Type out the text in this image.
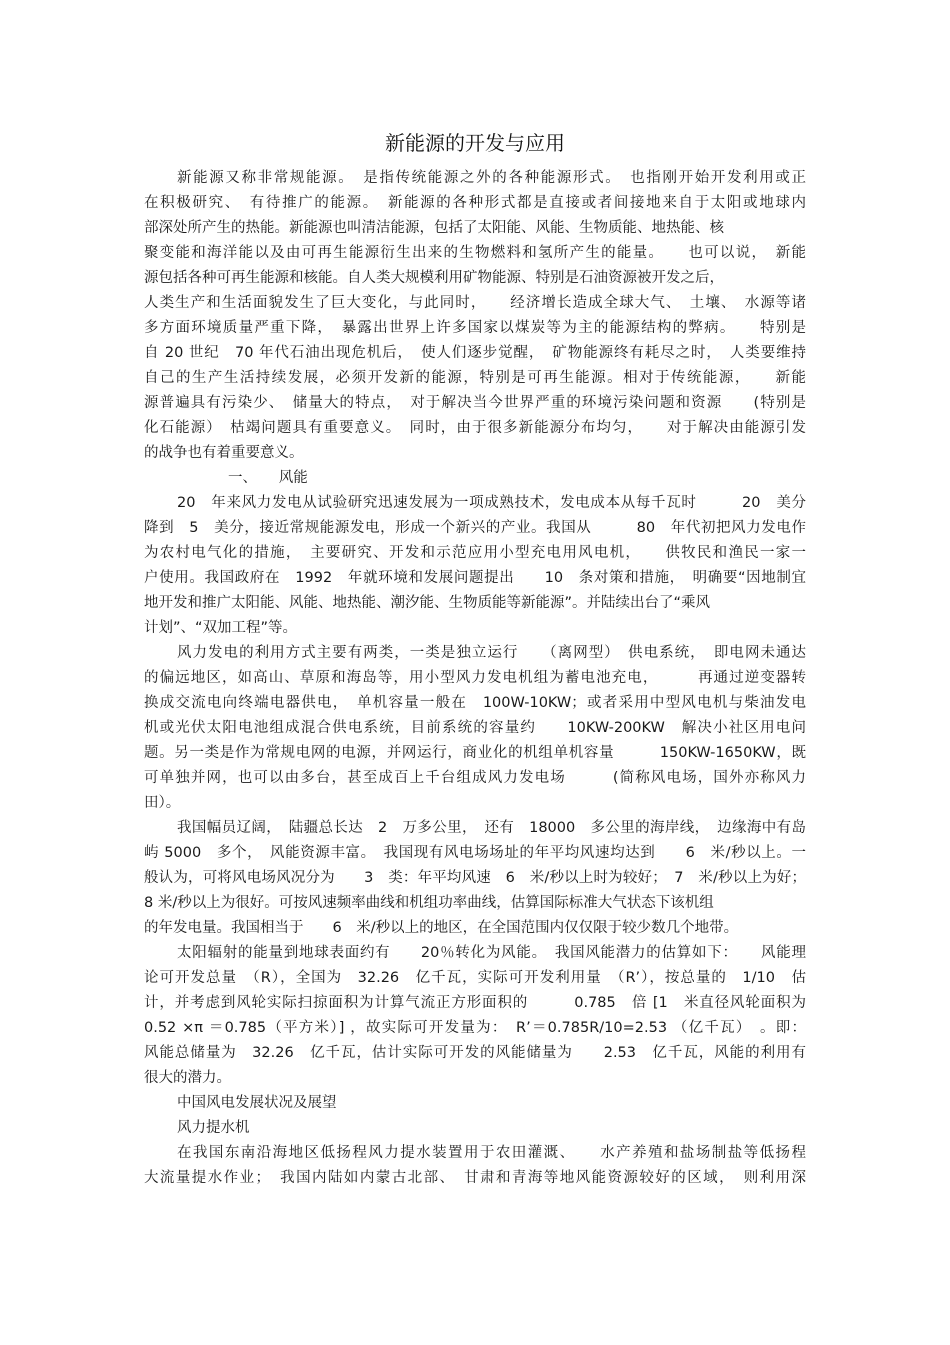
新能源的开发与应用
新能源又称非常规能源。　是指传统能源之外的各种能源形式。　也指刚开始开发利用或正
在积极研究、　有待推广的能源。　新能源的各种形式都是直接或者间接地来自于太阳或地球内
部深处所产生的热能。新能源也叫清洁能源，包括了太阳能、风能、生物质能、地热能、核
聚变能和海洋能以及由可再生能源衍生出来的生物燃料和氢所产生的能量。　　也可以说，　新能
源包括各种可再生能源和核能。自人类大规模利用矿物能源、特别是石油资源被开发之后，
人类生产和生活面貌发生了巨大变化，与此同时，　　经济增长造成全球大气、　土壤、　水源等诸
多方面环境质量严重下降，　暴露出世界上许多国家以煤炭等为主的能源结构的弊病。　　特别是
自 20 世纪　70 年代石油出现危机后，　使人们逐步觉醒，　矿物能源终有耗尽之时，　人类要维持
自己的生产生活持续发展，必须开发新的能源，特别是可再生能源。相对于传统能源，　　新能
源普遍具有污染少、　储量大的特点，　对于解决当今世界严重的环境污染问题和资源　　(特别是
化石能源）　枯竭问题具有重要意义。　同时，由于很多新能源分布均匀，　　对于解决由能源引发
的战争也有着重要意义。
一、　　风能
20　年来风力发电从试验研究迅速发展为一项成熟技术，发电成本从每千瓦时　　　20　美分
降到　5　美分，接近常规能源发电，形成一个新兴的产业。我国从　　　80　年代初把风力发电作
为农村电气化的措施，　主要研究、开发和示范应用小型充电用风电机，　　供牧民和渔民一家一
户使用。我国政府在　1992　年就环境和发展问题提出　　10　条对策和措施，　明确要“因地制宜
地开发和推广太阳能、风能、地热能、潮汐能、生物质能等新能源”。并陆续出台了“乘风
计划”、“双加工程”等。
风力发电的利用方式主要有两类，一类是独立运行　　（离网型）　供电系统，　即电网未通达
的偏远地区，如高山、草原和海岛等，用小型风力发电机组为蓄电池充电，　　　再通过逆变器转
换成交流电向终端电器供电，　单机容量一般在　100W-10KW；或者采用中型风电机与柴油发电
机或光伏太阳电池组成混合供电系统，目前系统的容量约　　10KW-200KW　解决小社区用电问
题。另一类是作为常规电网的电源，并网运行，商业化的机组单机容量　　　150KW-1650KW，既
可单独并网，也可以由多台，甚至成百上千台组成风力发电场　　　(简称风电场，国外亦称风力
田）。
我国幅员辽阔，　陆疆总长达　2　万多公里，　还有　18000　多公里的海岸线，　边缘海中有岛
屿 5000　多个，　风能资源丰富。　我国现有风电场场址的年平均风速均达到　　6　米/秒以上。一
般认为，可将风电场风况分为　　3　类：年平均风速　6　米/秒以上时为较好；　7　米/秒以上为好；
8 米/秒以上为很好。可按风速频率曲线和机组功率曲线，估算国际标准大气状态下该机组
的年发电量。我国相当于　　6　米/秒以上的地区，在全国范围内仅仅限于较少数几个地带。
太阳辐射的能量到地球表面约有　　20％转化为风能。　我国风能潜力的估算如下：　　风能理
论可开发总量　（R），全国为　32.26　亿千瓦，实际可开发利用量　（R’），按总量的　1/10　估
计，并考虑到风轮实际扫掠面积为计算气流正方形面积的　　　0.785　倍 [1　米直径风轮面积为
0.52 ×π ＝0.785（平方米）] ，故实际可开发量为：　R’＝0.785R/10=2.53 （亿千瓦）　。即：
风能总储量为　32.26　亿千瓦，估计实际可开发的风能储量为　　2.53　亿千瓦，风能的利用有
很大的潜力。
中国风电发展状况及展望
风力提水机
在我国东南沿海地区低扬程风力提水装置用于农田灌溉、　　水产养殖和盐场制盐等低扬程
大流量提水作业；　我国内陆如内蒙古北部、　甘肃和青海等地风能资源较好的区域，　则利用深
